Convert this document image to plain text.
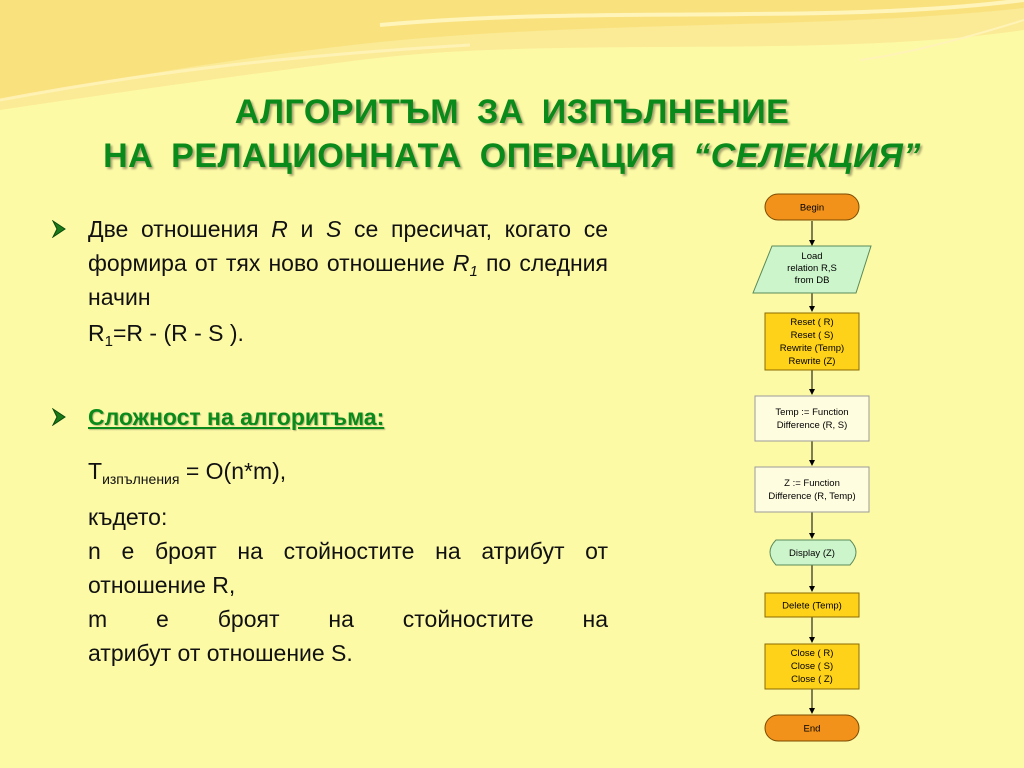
АЛГОРИТЪМ ЗА ИЗПЪЛНЕНИЕ
НА РЕЛАЦИОННАТА ОПЕРАЦИЯ “СЕЛЕКЦИЯ”
Две отношения R и S се пресичат, когато се формира от тях ново отношение $R_1$ по следния начин
$R_1=R - (R - S$ ).
Сложност на алгоритъма:
$T_{изпълнения} = O(n*m)$,
където:
n е броят на стойностите на атрибут от отношение R,
m е броят на стойностите на
атрибут от отношение S.
Begin
Load
relation R,S
from DB
Reset ( R)
Reset ( S)
Rewrite (Temp)
Rewrite (Z)
Temp := Function
Difference (R, S)
Z := Function
Difference (R, Temp)
Display (Z)
Delete (Temp)
Close ( R)
Close ( S)
Close ( Z)
End
